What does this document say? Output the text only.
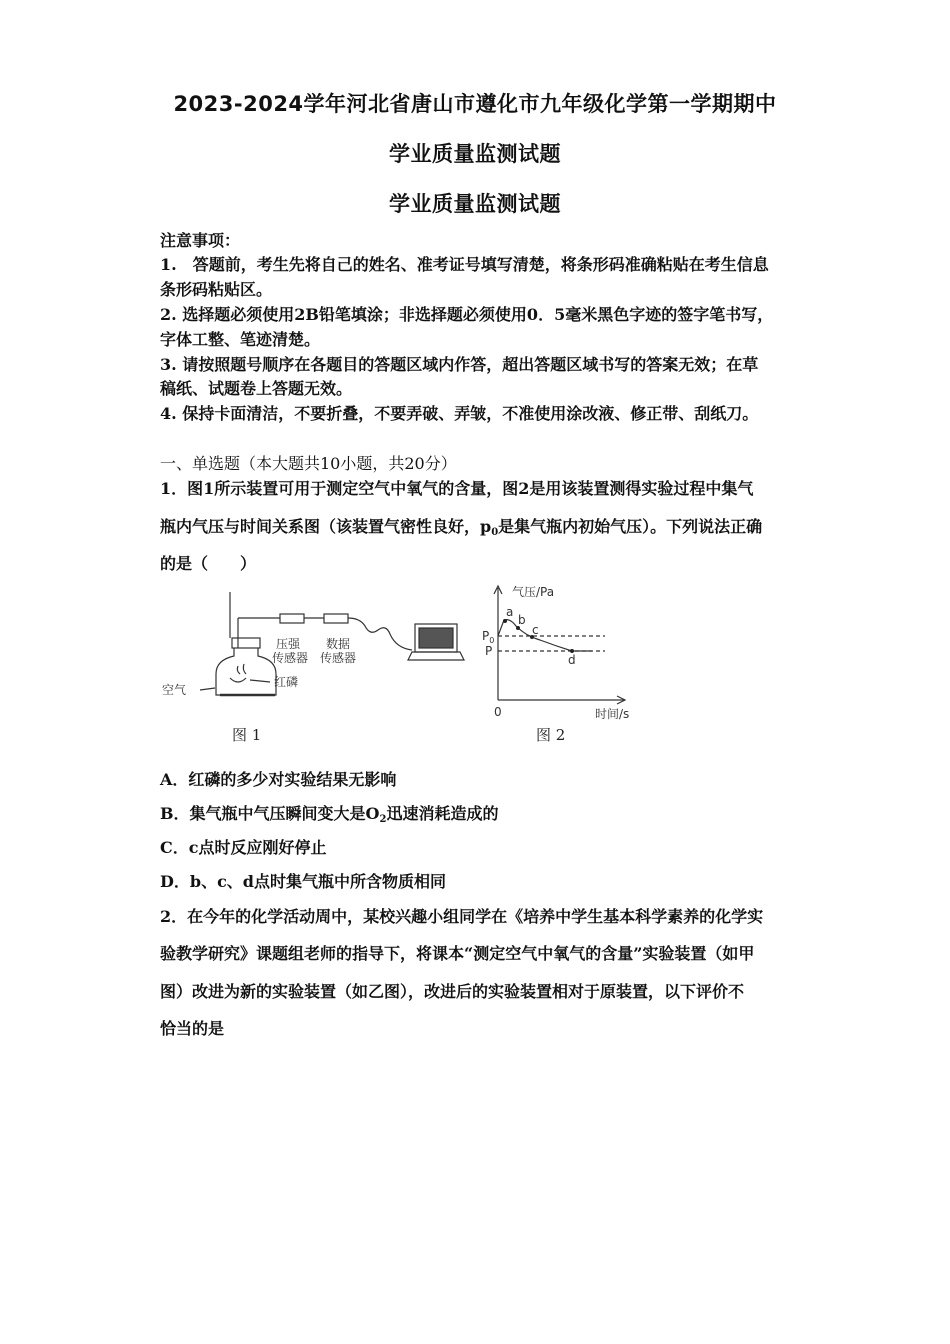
2023-2024学年河北省唐山市遵化市九年级化学第一学期期中
学业质量监测试题
学业质量监测试题
注意事项：
1.　答题前，考生先将自己的姓名、准考证号填写清楚，将条形码准确粘贴在考生信息
条形码粘贴区。
2. 选择题必须使用2B铅笔填涂；非选择题必须使用0．5毫米黑色字迹的签字笔书写，
字体工整、笔迹清楚。
3. 请按照题号顺序在各题目的答题区域内作答，超出答题区域书写的答案无效；在草
稿纸、试题卷上答题无效。
4. 保持卡面清洁，不要折叠，不要弄破、弄皱，不准使用涂改液、修正带、刮纸刀。
一、单选题（本大题共10小题，共20分）
1．图1所示装置可用于测定空气中氧气的含量，图2是用该装置测得实验过程中集气
瓶内气压与时间关系图（该装置气密性良好，$p_0$是集气瓶内初始气压）。下列说法正确
的是（　　）
压强
传感器
数据
传感器
红磷
空气
图 1
气压/Pa
时间/s
0
$P_0$
P
a
b
c
d
图 2
A．红磷的多少对实验结果无影响
B．集气瓶中气压瞬间变大是$O_2$迅速消耗造成的
C．c点时反应刚好停止
D．b、c、d点时集气瓶中所含物质相同
2．在今年的化学活动周中，某校兴趣小组同学在《培养中学生基本科学素养的化学实
验教学研究》课题组老师的指导下，将课本“测定空气中氧气的含量”实验装置（如甲
图）改进为新的实验装置（如乙图），改进后的实验装置相对于原装置，以下评价不
恰当的是
